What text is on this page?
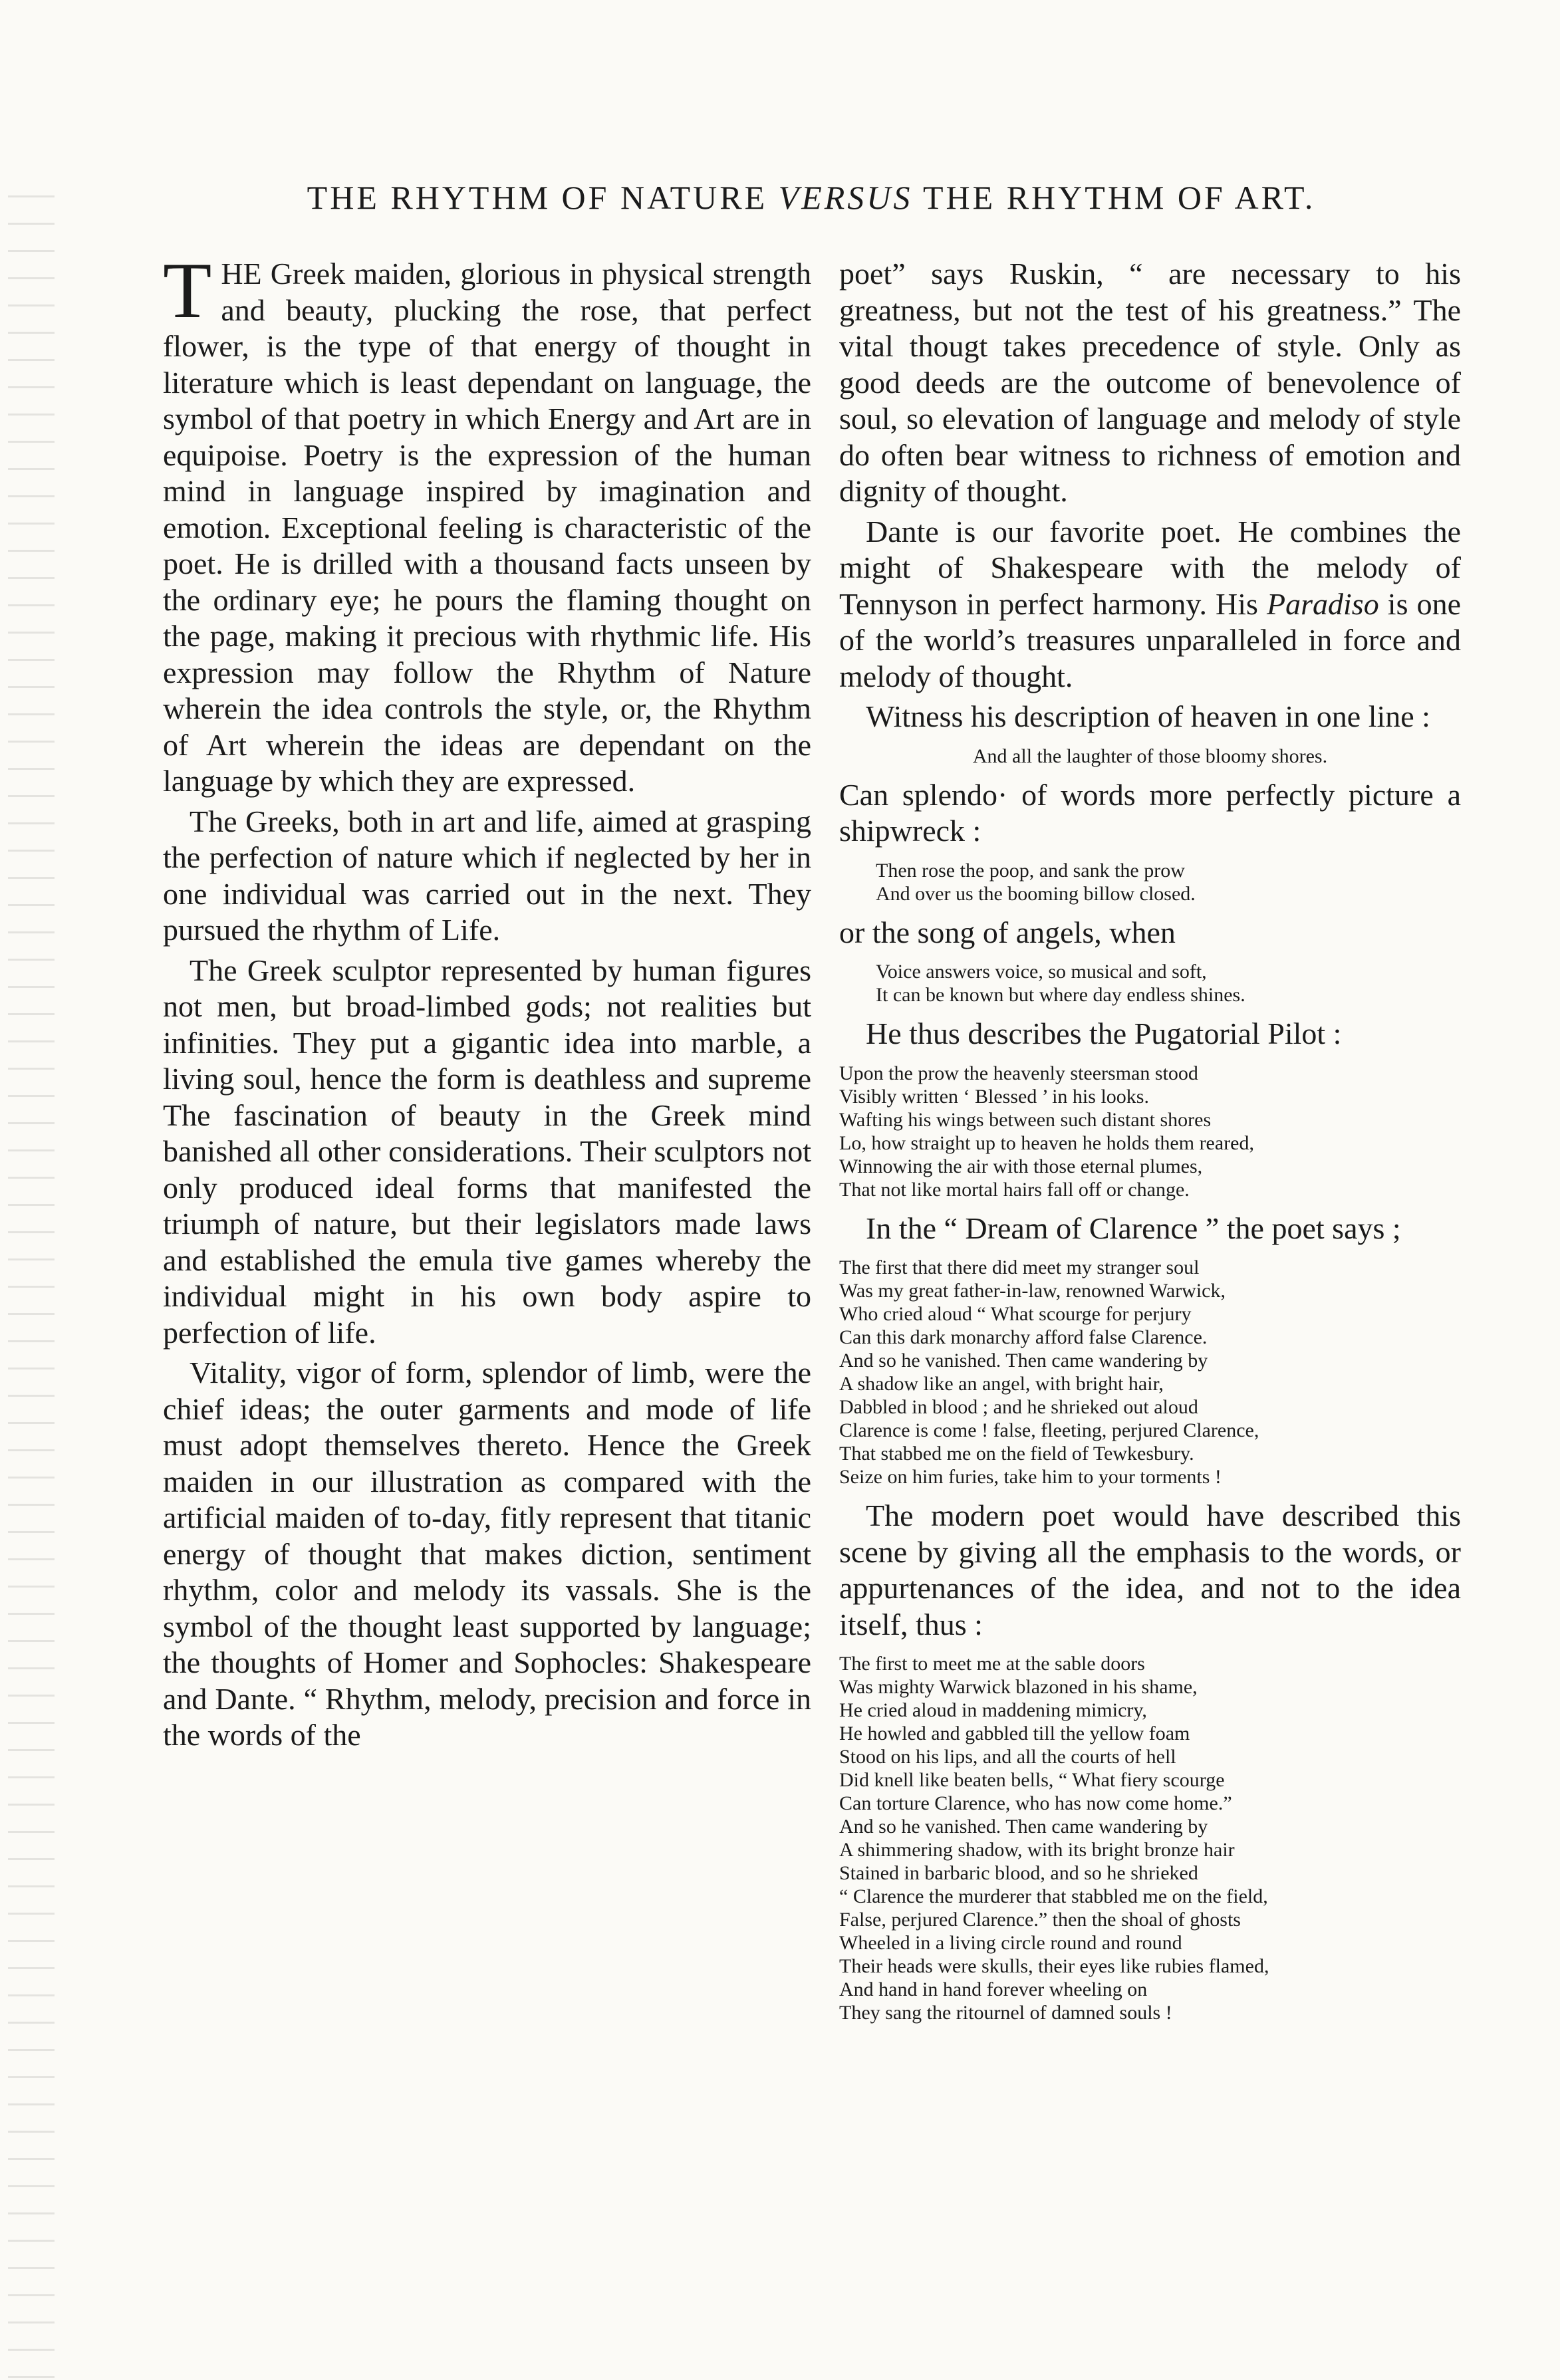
THE RHYTHM OF NATURE VERSUS THE RHYTHM OF ART.

THE Greek maiden, glorious in physical strength and beauty, plucking the rose, that perfect flower, is the type of that energy of thought in literature which is least dependant on language, the symbol of that poetry in which Energy and Art are in equipoise. Poetry is the expression of the human mind in language inspired by imagination and emotion. Exceptional feeling is characteristic of the poet. He is drilled with a thousand facts unseen by the ordinary eye; he pours the flaming thought on the page, making it precious with rhythmic life. His expression may follow the Rhythm of Nature wherein the idea controls the style, or, the Rhythm of Art wherein the ideas are dependant on the language by which they are expressed.

The Greeks, both in art and life, aimed at grasping the perfection of nature which if neglected by her in one individual was carried out in the next. They pursued the rhythm of Life.

The Greek sculptor represented by human figures not men, but broad-limbed gods; not realities but infinities. They put a gigantic idea into marble, a living soul, hence the form is deathless and supreme The fascination of beauty in the Greek mind banished all other considerations. Their sculptors not only produced ideal forms that manifested the triumph of nature, but their legislators made laws and established the emula tive games whereby the individual might in his own body aspire to perfection of life.

Vitality, vigor of form, splendor of limb, were the chief ideas; the outer garments and mode of life must adopt themselves thereto. Hence the Greek maiden in our illustration as compared with the artificial maiden of to-day, fitly represent that titanic energy of thought that makes diction, sentiment rhythm, color and melody its vassals. She is the symbol of the thought least supported by language; the thoughts of Homer and Sophocles: Shakespeare and Dante. “ Rhythm, melody, precision and force in the words of the

poet” says Ruskin, “ are necessary to his greatness, but not the test of his greatness.” The vital thougt takes precedence of style. Only as good deeds are the outcome of benevolence of soul, so elevation of language and melody of style do often bear witness to richness of emotion and dignity of thought.

Dante is our favorite poet. He combines the might of Shakespeare with the melody of Tennyson in perfect harmony. His Paradiso is one of the world’s treasures unparalleled in force and melody of thought.

Witness his description of heaven in one line :

And all the laughter of those bloomy shores.

Can splendo· of words more perfectly picture a shipwreck :

Then rose the poop, and sank the prow
And over us the booming billow closed.

or the song of angels, when

Voice answers voice, so musical and soft,
It can be known but where day endless shines.

He thus describes the Pugatorial Pilot :

Upon the prow the heavenly steersman stood
Visibly written ‘ Blessed ’ in his looks.
Wafting his wings between such distant shores
Lo, how straight up to heaven he holds them reared,
Winnowing the air with those eternal plumes,
That not like mortal hairs fall off or change.

In the “ Dream of Clarence ” the poet says ;

The first that there did meet my stranger soul
Was my great father-in-law, renowned Warwick,
Who cried aloud “ What scourge for perjury
Can this dark monarchy afford false Clarence.
And so he vanished. Then came wandering by
A shadow like an angel, with bright hair,
Dabbled in blood ; and he shrieked out aloud
Clarence is come ! false, fleeting, perjured Clarence,
That stabbed me on the field of Tewkesbury.
Seize on him furies, take him to your torments !

The modern poet would have described this scene by giving all the emphasis to the words, or appurtenances of the idea, and not to the idea itself, thus :

The first to meet me at the sable doors
Was mighty Warwick blazoned in his shame,
He cried aloud in maddening mimicry,
He howled and gabbled till the yellow foam
Stood on his lips, and all the courts of hell
Did knell like beaten bells, “ What fiery scourge
Can torture Clarence, who has now come home.”
And so he vanished. Then came wandering by
A shimmering shadow, with its bright bronze hair
Stained in barbaric blood, and so he shrieked
“ Clarence the murderer that stabbled me on the field,
False, perjured Clarence.” then the shoal of ghosts
Wheeled in a living circle round and round
Their heads were skulls, their eyes like rubies flamed,
And hand in hand forever wheeling on
They sang the ritournel of damned souls !
